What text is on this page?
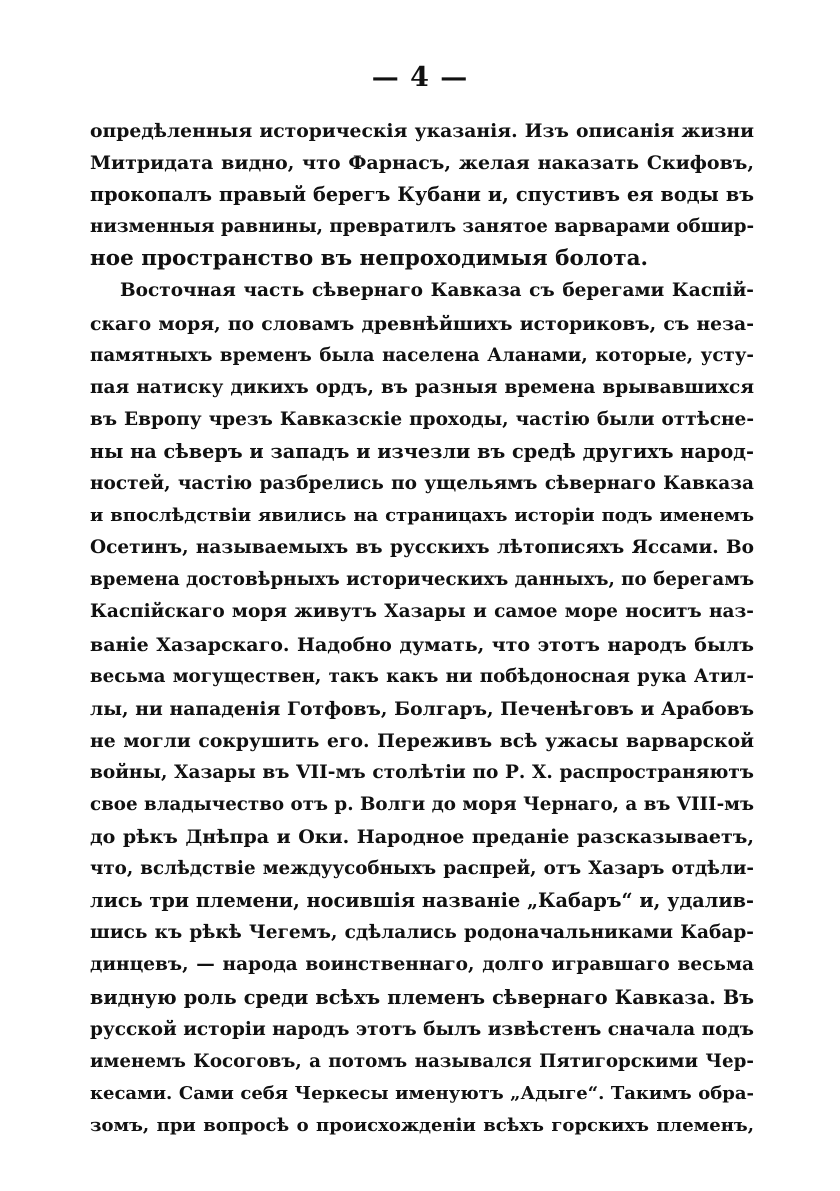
— 4 —
опредѣленныя историческія указанія. Изъ описанія жизни
Митридата видно, что Фарнасъ, желая наказать Скифовъ,
прокопалъ правый берегъ Кубани и, спустивъ ея воды въ
низменныя равнины, превратилъ занятое варварами обшир-
ное пространство въ непроходимыя болота.
Восточная часть сѣвернаго Кавказа съ берегами Каспій-
скаго моря, по словамъ древнѣйшихъ историковъ, съ неза-
памятныхъ временъ была населена Аланами, которые, усту-
пая натиску дикихъ ордъ, въ разныя времена врывавшихся
въ Европу чрезъ Кавказскіе проходы, частію были оттѣсне-
ны на сѣверъ и западъ и изчезли въ средѣ другихъ народ-
ностей, частію разбрелись по ущельямъ сѣвернаго Кавказа
и впослѣдствіи явились на страницахъ исторіи подъ именемъ
Осетинъ, называемыхъ въ русскихъ лѣтописяхъ Яссами. Во
времена достовѣрныхъ историческихъ данныхъ, по берегамъ
Каспійскаго моря живутъ Хазары и самое море носитъ наз-
ваніе Хазарскаго. Надобно думать, что этотъ народъ былъ
весьма могуществен, такъ какъ ни побѣдоносная рука Атил-
лы, ни нападенія Готфовъ, Болгаръ, Печенѣговъ и Арабовъ
не могли сокрушить его. Переживъ всѣ ужасы варварской
войны, Хазары въ VII-мъ столѣтіи по Р. Х. распространяютъ
свое владычество отъ р. Волги до моря Чернаго, а въ VIII-мъ
до рѣкъ Днѣпра и Оки. Народное преданіе разсказываетъ,
что, вслѣдствіе междуусобныхъ распрей, отъ Хазаръ отдѣли-
лись три племени, носившія названіе „Кабаръ“ и, удалив-
шись къ рѣкѣ Чегемъ, сдѣлались родоначальниками Кабар-
динцевъ, — народа воинственнаго, долго игравшаго весьма
видную роль среди всѣхъ племенъ сѣвернаго Кавказа. Въ
русской исторіи народъ этотъ былъ извѣстенъ сначала подъ
именемъ Косоговъ, а потомъ назывался Пятигорскими Чер-
кесами. Сами себя Черкесы именуютъ „Адыге“. Такимъ обра-
зомъ, при вопросѣ о происхожденіи всѣхъ горскихъ племенъ,
